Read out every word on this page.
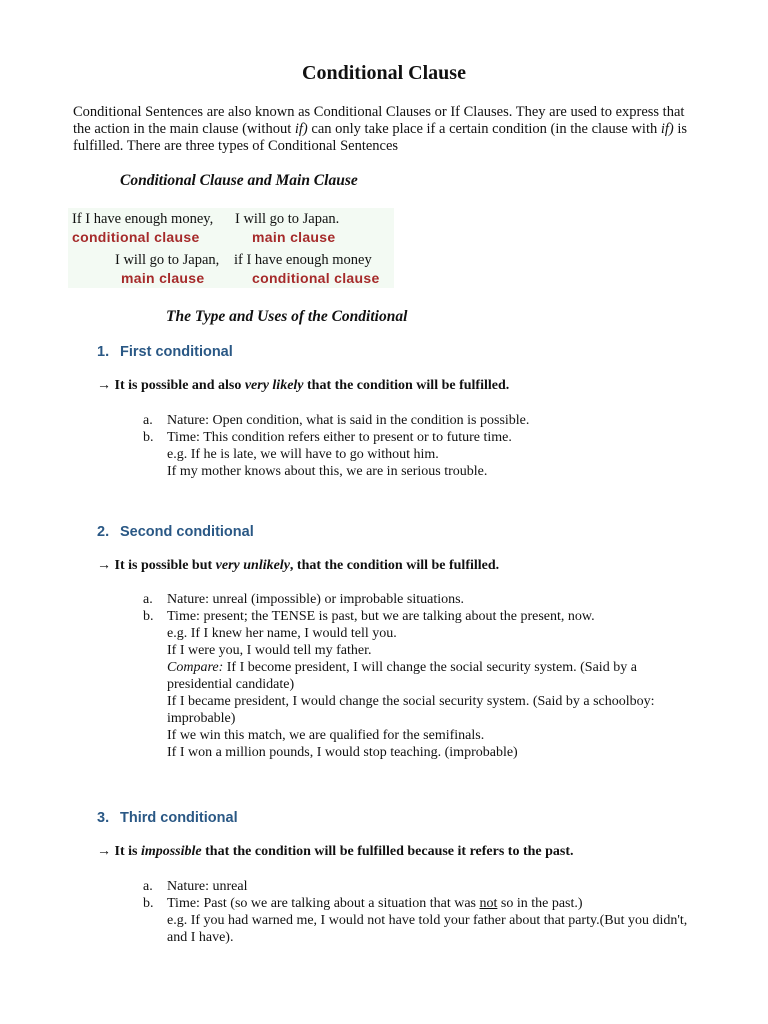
Conditional Clause
Conditional Sentences are also known as Conditional Clauses or If Clauses. They are used to express that the action in the main clause (without if) can only take place if a certain condition (in the clause with if) is fulfilled. There are three types of Conditional Sentences
Conditional Clause and Main Clause
If I have enough money, I will go to Japan.
conditional clause	main clause
I will go to Japan, if I have enough money
main clause	conditional clause
The Type and Uses of the Conditional
1. First conditional
→ It is possible and also very likely that the condition will be fulfilled.
a.	Nature: Open condition, what is said in the condition is possible.
b. Time: This condition refers either to present or to future time.
e.g. If he is late, we will have to go without him.
If my mother knows about this, we are in serious trouble.
2. Second conditional
→ It is possible but very unlikely, that the condition will be fulfilled.
a.	Nature: unreal (impossible) or improbable situations.
b. Time: present; the TENSE is past, but we are talking about the present, now.
e.g. If I knew her name, I would tell you.
If I were you, I would tell my father.
Compare: If I become president, I will change the social security system. (Said by a presidential candidate)
If I became president, I would change the social security system. (Said by a schoolboy: improbable)
If we win this match, we are qualified for the semifinals.
If I won a million pounds, I would stop teaching. (improbable)
3. Third conditional
→ It is impossible that the condition will be fulfilled because it refers to the past.
a.	Nature: unreal
b. Time: Past (so we are talking about a situation that was not so in the past.)
e.g. If you had warned me, I would not have told your father about that party.(But you didn't, and I have).
